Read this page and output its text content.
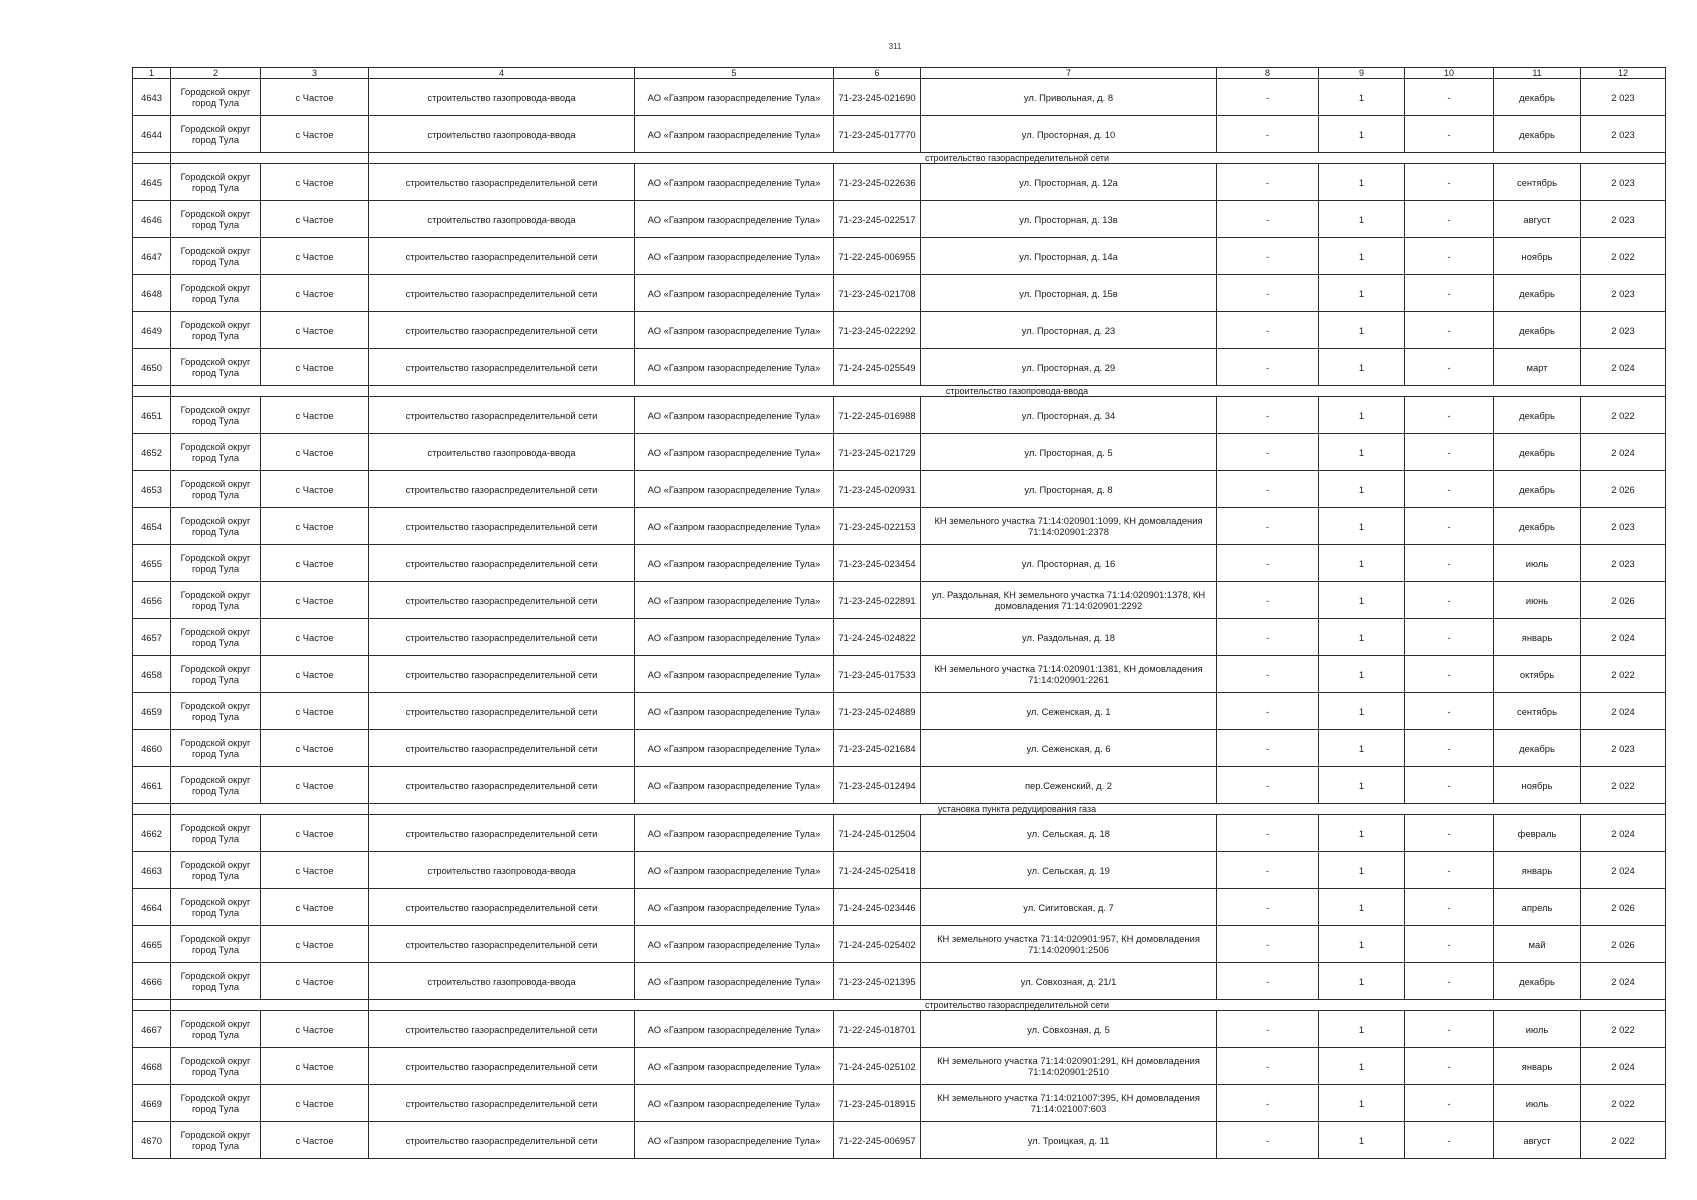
311
1	2	3	4	5	6	7	8	9	10	11	12
4643	Городской округ город Тула	с Частое	строительство газопровода-ввода	АО «Газпром газораспределение Тула»	71-23-245-021690	ул. Привольная, д. 8	-	1	-	декабрь	2 023
4644	Городской округ город Тула	с Частое	строительство газопровода-ввода	АО «Газпром газораспределение Тула»	71-23-245-017770	ул. Просторная, д. 10	-	1	-	декабрь	2 023
			строительство газораспределительной сети								
4645	Городской округ город Тула	с Частое	строительство газораспределительной сети	АО «Газпром газораспределение Тула»	71-23-245-022636	ул. Просторная, д. 12а	-	1	-	сентябрь	2 023
4646	Городской округ город Тула	с Частое	строительство газопровода-ввода	АО «Газпром газораспределение Тула»	71-23-245-022517	ул. Просторная, д. 13в	-	1	-	август	2 023
4647	Городской округ город Тула	с Частое	строительство газораспределительной сети	АО «Газпром газораспределение Тула»	71-22-245-006955	ул. Просторная, д. 14а	-	1	-	ноябрь	2 022
4648	Городской округ город Тула	с Частое	строительство газораспределительной сети	АО «Газпром газораспределение Тула»	71-23-245-021708	ул. Просторная, д. 15в	-	1	-	декабрь	2 023
4649	Городской округ город Тула	с Частое	строительство газораспределительной сети	АО «Газпром газораспределение Тула»	71-23-245-022292	ул. Просторная, д. 23	-	1	-	декабрь	2 023
4650	Городской округ город Тула	с Частое	строительство газораспределительной сети	АО «Газпром газораспределение Тула»	71-24-245-025549	ул. Просторная, д. 29	-	1	-	март	2 024
			строительство газопровода-ввода								
4651	Городской округ город Тула	с Частое	строительство газораспределительной сети	АО «Газпром газораспределение Тула»	71-22-245-016988	ул. Просторная, д. 34	-	1	-	декабрь	2 022
4652	Городской округ город Тула	с Частое	строительство газопровода-ввода	АО «Газпром газораспределение Тула»	71-23-245-021729	ул. Просторная, д. 5	-	1	-	декабрь	2 024
4653	Городской округ город Тула	с Частое	строительство газораспределительной сети	АО «Газпром газораспределение Тула»	71-23-245-020931	ул. Просторная, д. 8	-	1	-	декабрь	2 026
4654	Городской округ город Тула	с Частое	строительство газораспределительной сети	АО «Газпром газораспределение Тула»	71-23-245-022153	КН земельного участка 71:14:020901:1099, КН домовладения 71:14:020901:2378	-	1	-	декабрь	2 023
4655	Городской округ город Тула	с Частое	строительство газораспределительной сети	АО «Газпром газораспределение Тула»	71-23-245-023454	ул. Просторная, д. 16	-	1	-	июль	2 023
4656	Городской округ город Тула	с Частое	строительство газораспределительной сети	АО «Газпром газораспределение Тула»	71-23-245-022891	ул. Раздольная, КН земельного участка 71:14:020901:1378, КН домовладения 71:14:020901:2292	-	1	-	июнь	2 026
4657	Городской округ город Тула	с Частое	строительство газораспределительной сети	АО «Газпром газораспределение Тула»	71-24-245-024822	ул. Раздольная, д. 18	-	1	-	январь	2 024
4658	Городской округ город Тула	с Частое	строительство газораспределительной сети	АО «Газпром газораспределение Тула»	71-23-245-017533	КН земельного участка 71:14:020901:1381, КН домовладения 71:14:020901:2261	-	1	-	октябрь	2 022
4659	Городской округ город Тула	с Частое	строительство газораспределительной сети	АО «Газпром газораспределение Тула»	71-23-245-024889	ул. Сеженская, д. 1	-	1	-	сентябрь	2 024
4660	Городской округ город Тула	с Частое	строительство газораспределительной сети	АО «Газпром газораспределение Тула»	71-23-245-021684	ул. Сеженская, д. 6	-	1	-	декабрь	2 023
4661	Городской округ город Тула	с Частое	строительство газораспределительной сети	АО «Газпром газораспределение Тула»	71-23-245-012494	пер.Сеженский, д. 2	-	1	-	ноябрь	2 022
			установка пункта редуцирования газа								
4662	Городской округ город Тула	с Частое	строительство газораспределительной сети	АО «Газпром газораспределение Тула»	71-24-245-012504	ул. Сельская, д. 18	-	1	-	февраль	2 024
4663	Городской округ город Тула	с Частое	строительство газопровода-ввода	АО «Газпром газораспределение Тула»	71-24-245-025418	ул. Сельская, д. 19	-	1	-	январь	2 024
4664	Городской округ город Тула	с Частое	строительство газораспределительной сети	АО «Газпром газораспределение Тула»	71-24-245-023446	ул. Сигитовская, д. 7	-	1	-	апрель	2 026
4665	Городской округ город Тула	с Частое	строительство газораспределительной сети	АО «Газпром газораспределение Тула»	71-24-245-025402	КН земельного участка 71:14:020901:957, КН домовладения 71:14:020901:2506	-	1	-	май	2 026
4666	Городской округ город Тула	с Частое	строительство газопровода-ввода	АО «Газпром газораспределение Тула»	71-23-245-021395	ул. Совхозная, д. 21/1	-	1	-	декабрь	2 024
			строительство газораспределительной сети								
4667	Городской округ город Тула	с Частое	строительство газораспределительной сети	АО «Газпром газораспределение Тула»	71-22-245-018701	ул. Совхозная, д. 5	-	1	-	июль	2 022
4668	Городской округ город Тула	с Частое	строительство газораспределительной сети	АО «Газпром газораспределение Тула»	71-24-245-025102	КН земельного участка 71:14:020901:291, КН домовладения 71:14:020901:2510	-	1	-	январь	2 024
4669	Городской округ город Тула	с Частое	строительство газораспределительной сети	АО «Газпром газораспределение Тула»	71-23-245-018915	КН земельного участка 71:14:021007:395, КН домовладения 71:14:021007:603	-	1	-	июль	2 022
4670	Городской округ город Тула	с Частое	строительство газораспределительной сети	АО «Газпром газораспределение Тула»	71-22-245-006957	ул. Троицкая, д. 11	-	1	-	август	2 022
